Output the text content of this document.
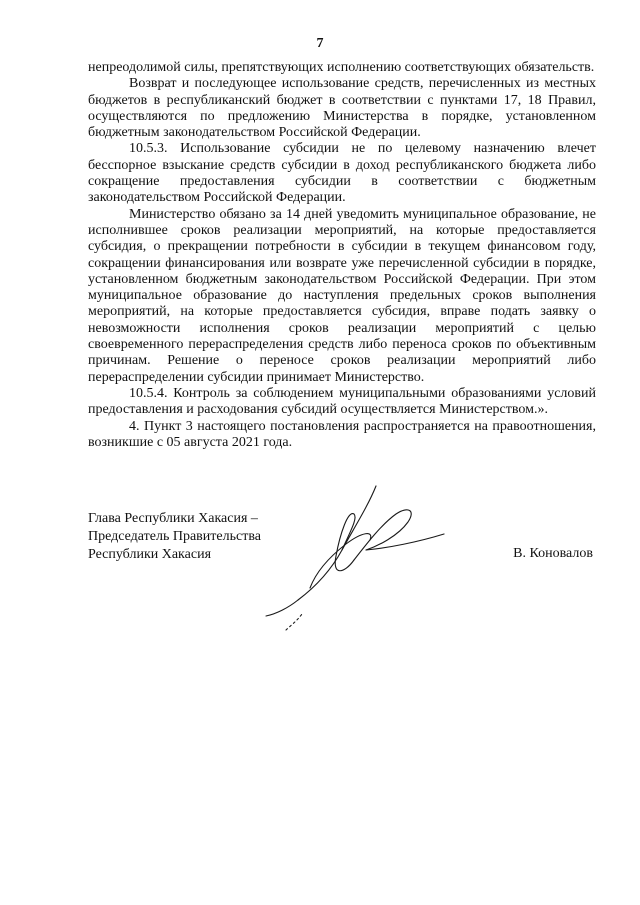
7

непреодолимой силы, препятствующих исполнению соответствующих обязательств.

Возврат и последующее использование средств, перечисленных из местных бюджетов в республиканский бюджет в соответствии с пунктами 17, 18 Правил, осуществляются по предложению Министерства в порядке, установленном бюджетным законодательством Российской Федерации.

10.5.3. Использование субсидии не по целевому назначению влечет бесспорное взыскание средств субсидии в доход республиканского бюджета либо сокращение предоставления субсидии в соответствии с бюджетным законодательством Российской Федерации.

Министерство обязано за 14 дней уведомить муниципальное образование, не исполнившее сроков реализации мероприятий, на которые предоставляется субсидия, о прекращении потребности в субсидии в текущем финансовом году, сокращении финансирования или возврате уже перечисленной субсидии в порядке, установленном бюджетным законодательством Российской Федерации. При этом муниципальное образование до наступления предельных сроков выполнения мероприятий, на которые предоставляется субсидия, вправе подать заявку о невозможности исполнения сроков реализации мероприятий с целью своевременного перераспределения средств либо переноса сроков по объективным причинам. Решение о переносе сроков реализации мероприятий либо перераспределении субсидии принимает Министерство.

10.5.4. Контроль за соблюдением муниципальными образованиями условий предоставления и расходования субсидий осуществляется Министерством.».

4. Пункт 3 настоящего постановления распространяется на правоотношения, возникшие с 05 августа 2021 года.

Глава Республики Хакасия –
Председатель Правительства
Республики Хакасия	В. Коновалов
